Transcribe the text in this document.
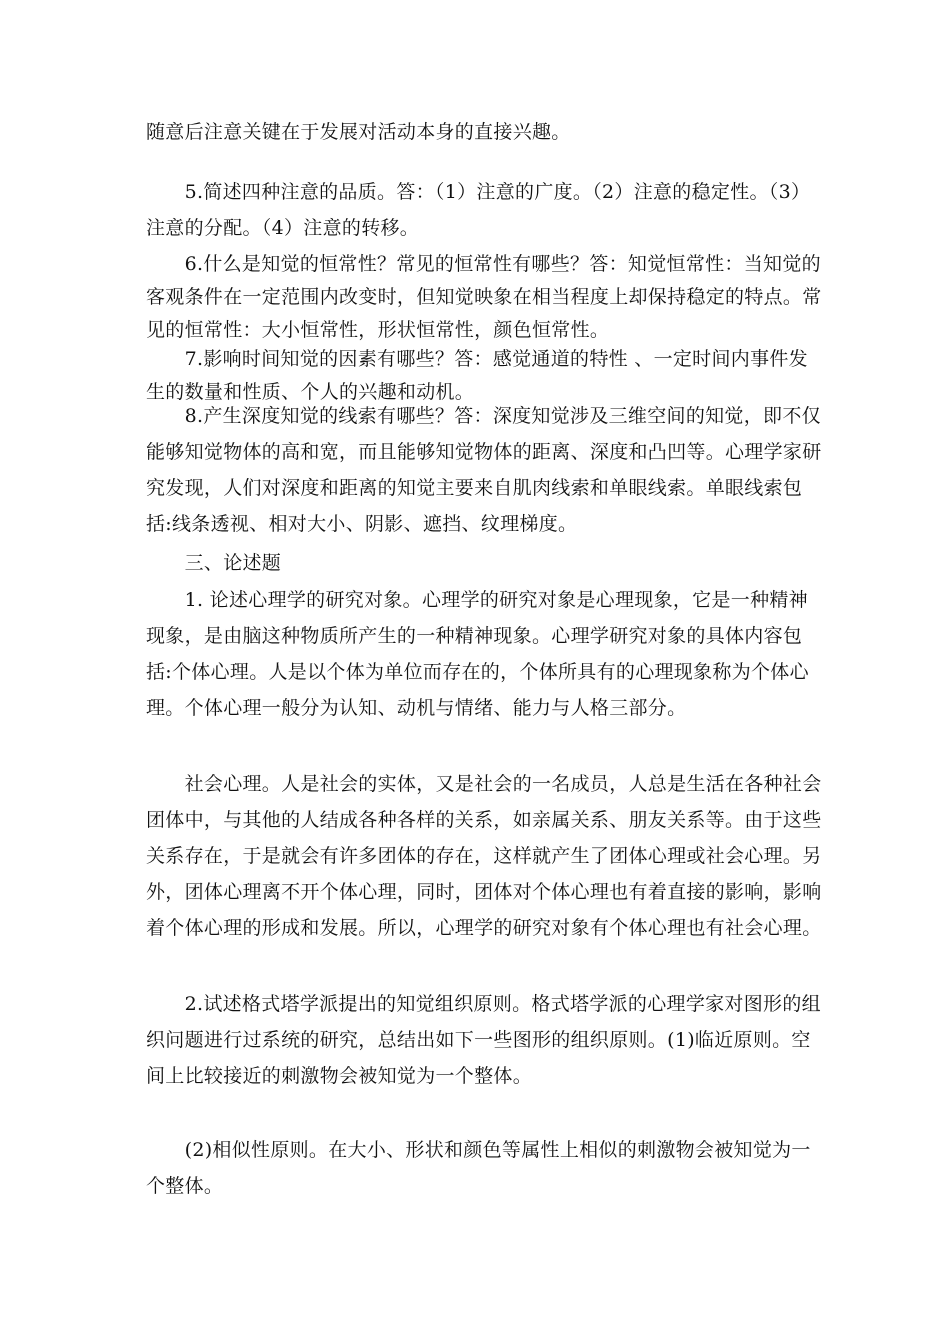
随意后注意关键在于发展对活动本身的直接兴趣。

　　5.简述四种注意的品质。答：（1）注意的广度。（2）注意的稳定性。（3）注意的分配。（4）注意的转移。

　　6.什么是知觉的恒常性？常见的恒常性有哪些？答：知觉恒常性：当知觉的客观条件在一定范围内改变时，但知觉映象在相当程度上却保持稳定的特点。常见的恒常性：大小恒常性，形状恒常性，颜色恒常性。

　　7.影响时间知觉的因素有哪些？答：感觉通道的特性 、一定时间内事件发生的数量和性质、个人的兴趣和动机。

　　8.产生深度知觉的线索有哪些？答：深度知觉涉及三维空间的知觉，即不仅能够知觉物体的高和宽，而且能够知觉物体的距离、深度和凸凹等。心理学家研究发现，人们对深度和距离的知觉主要来自肌肉线索和单眼线索。单眼线索包括:线条透视、相对大小、阴影、遮挡、纹理梯度。

　　三、论述题

　　1. 论述心理学的研究对象。心理学的研究对象是心理现象，它是一种精神现象，是由脑这种物质所产生的一种精神现象。心理学研究对象的具体内容包括:个体心理。人是以个体为单位而存在的，个体所具有的心理现象称为个体心理。个体心理一般分为认知、动机与情绪、能力与人格三部分。

　　社会心理。人是社会的实体，又是社会的一名成员，人总是生活在各种社会团体中，与其他的人结成各种各样的关系，如亲属关系、朋友关系等。由于这些关系存在，于是就会有许多团体的存在，这样就产生了团体心理或社会心理。另外，团体心理离不开个体心理，同时，团体对个体心理也有着直接的影响，影响着个体心理的形成和发展。所以，心理学的研究对象有个体心理也有社会心理。

　　2.试述格式塔学派提出的知觉组织原则。格式塔学派的心理学家对图形的组织问题进行过系统的研究，总结出如下一些图形的组织原则。(1)临近原则。空间上比较接近的刺激物会被知觉为一个整体。

　　(2)相似性原则。在大小、形状和颜色等属性上相似的刺激物会被知觉为一个整体。
